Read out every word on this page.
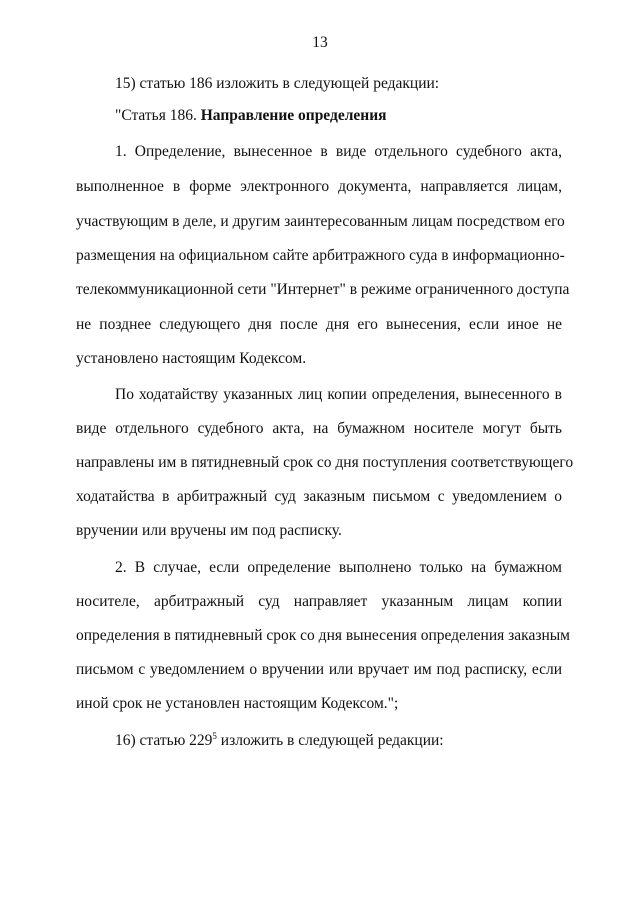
13
15) статью 186 изложить в следующей редакции:
"Статья 186. Направление определения
1. Определение, вынесенное в виде отдельного судебного акта,
выполненное в форме электронного документа, направляется лицам,
участвующим в деле, и другим заинтересованным лицам посредством его
размещения на официальном сайте арбитражного суда в информационно-
телекоммуникационной сети "Интернет" в режиме ограниченного доступа
не позднее следующего дня после дня его вынесения, если иное не
установлено настоящим Кодексом.
По ходатайству указанных лиц копии определения, вынесенного в
виде отдельного судебного акта, на бумажном носителе могут быть
направлены им в пятидневный срок со дня поступления соответствующего
ходатайства в арбитражный суд заказным письмом с уведомлением о
вручении или вручены им под расписку.
2. В случае, если определение выполнено только на бумажном
носителе, арбитражный суд направляет указанным лицам копии
определения в пятидневный срок со дня вынесения определения заказным
письмом с уведомлением о вручении или вручает им под расписку, если
иной срок не установлен настоящим Кодексом.";
16) статью $229^5$ изложить в следующей редакции:
